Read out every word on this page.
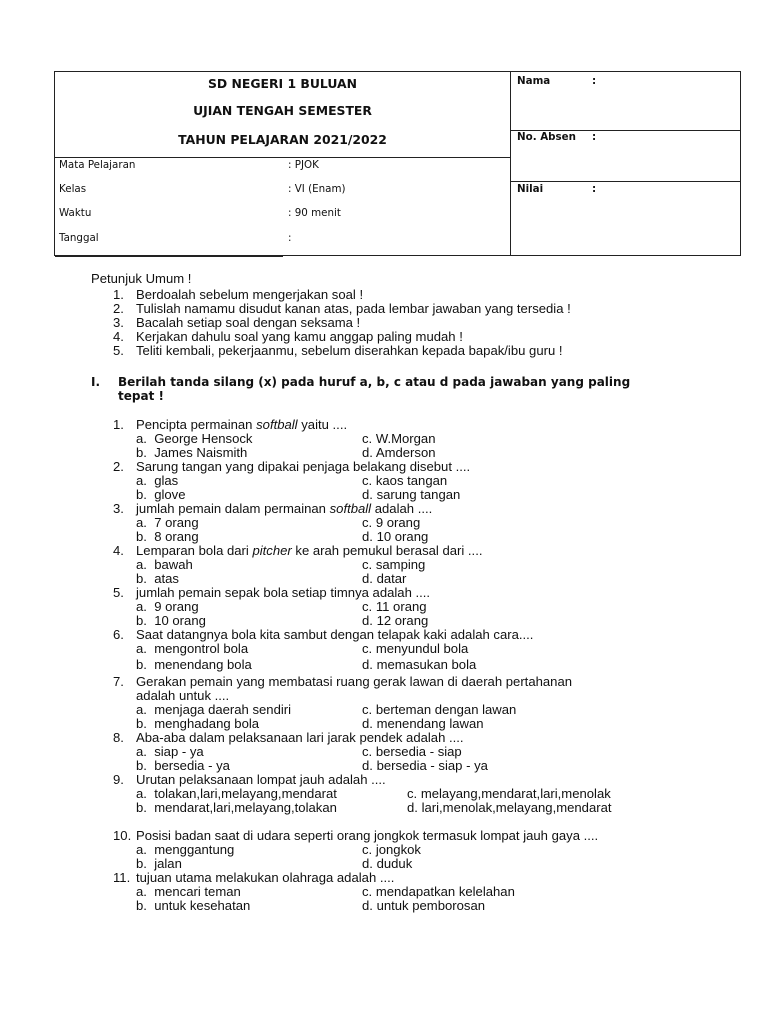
SD NEGERI 1 BULUAN
UJIAN TENGAH SEMESTER
TAHUN PELAJARAN 2021/2022
Mata Pelajaran	: PJOK
Kelas	: VI (Enam)
Waktu	: 90 menit
Tanggal	:
Nama	:
No. Absen :
Nilai	:
Petunjuk Umum !
1. Berdoalah sebelum mengerjakan soal !
2. Tulislah namamu disudut kanan atas, pada lembar jawaban yang tersedia !
3. Bacalah setiap soal dengan seksama !
4. Kerjakan dahulu soal yang kamu anggap paling mudah !
5. Teliti kembali, pekerjaanmu, sebelum diserahkan kepada bapak/ibu guru !
I. Berilah tanda silang (x) pada huruf a, b, c atau d pada jawaban yang paling
tepat !
1. Pencipta permainan softball yaitu ....
a. George Hensock	c. W.Morgan
b. James Naismith	d. Amderson
2. Sarung tangan yang dipakai penjaga belakang disebut ....
a. glas	c. kaos tangan
b. glove	d. sarung tangan
3. jumlah pemain dalam permainan softball adalah ....
a. 7 orang	c. 9 orang
b. 8 orang	d. 10 orang
4. Lemparan bola dari pitcher ke arah pemukul berasal dari ....
a. bawah	c. samping
b. atas	d. datar
5. jumlah pemain sepak bola setiap timnya adalah ....
a. 9 orang	c. 11 orang
b. 10 orang	d. 12 orang
6. Saat datangnya bola kita sambut dengan telapak kaki adalah cara....
a. mengontrol bola	c. menyundul bola
b. menendang bola	d. memasukan bola
7. Gerakan pemain yang membatasi ruang gerak lawan di daerah pertahanan
adalah untuk ....
a. menjaga daerah sendiri	c. berteman dengan lawan
b. menghadang bola	d. menendang lawan
8. Aba-aba dalam pelaksanaan lari jarak pendek adalah ....
a. siap - ya	c. bersedia - siap
b. bersedia - ya	d. bersedia - siap - ya
9. Urutan pelaksanaan lompat jauh adalah ....
a. tolakan,lari,melayang,mendarat	c. melayang,mendarat,lari,menolak
b. mendarat,lari,melayang,tolakan	d. lari,menolak,melayang,mendarat
10. Posisi badan saat di udara seperti orang jongkok termasuk lompat jauh gaya ....
a. menggantung	c. jongkok
b. jalan	d. duduk
11. tujuan utama melakukan olahraga adalah ....
a. mencari teman	c. mendapatkan kelelahan
b. untuk kesehatan	d. untuk pemborosan
